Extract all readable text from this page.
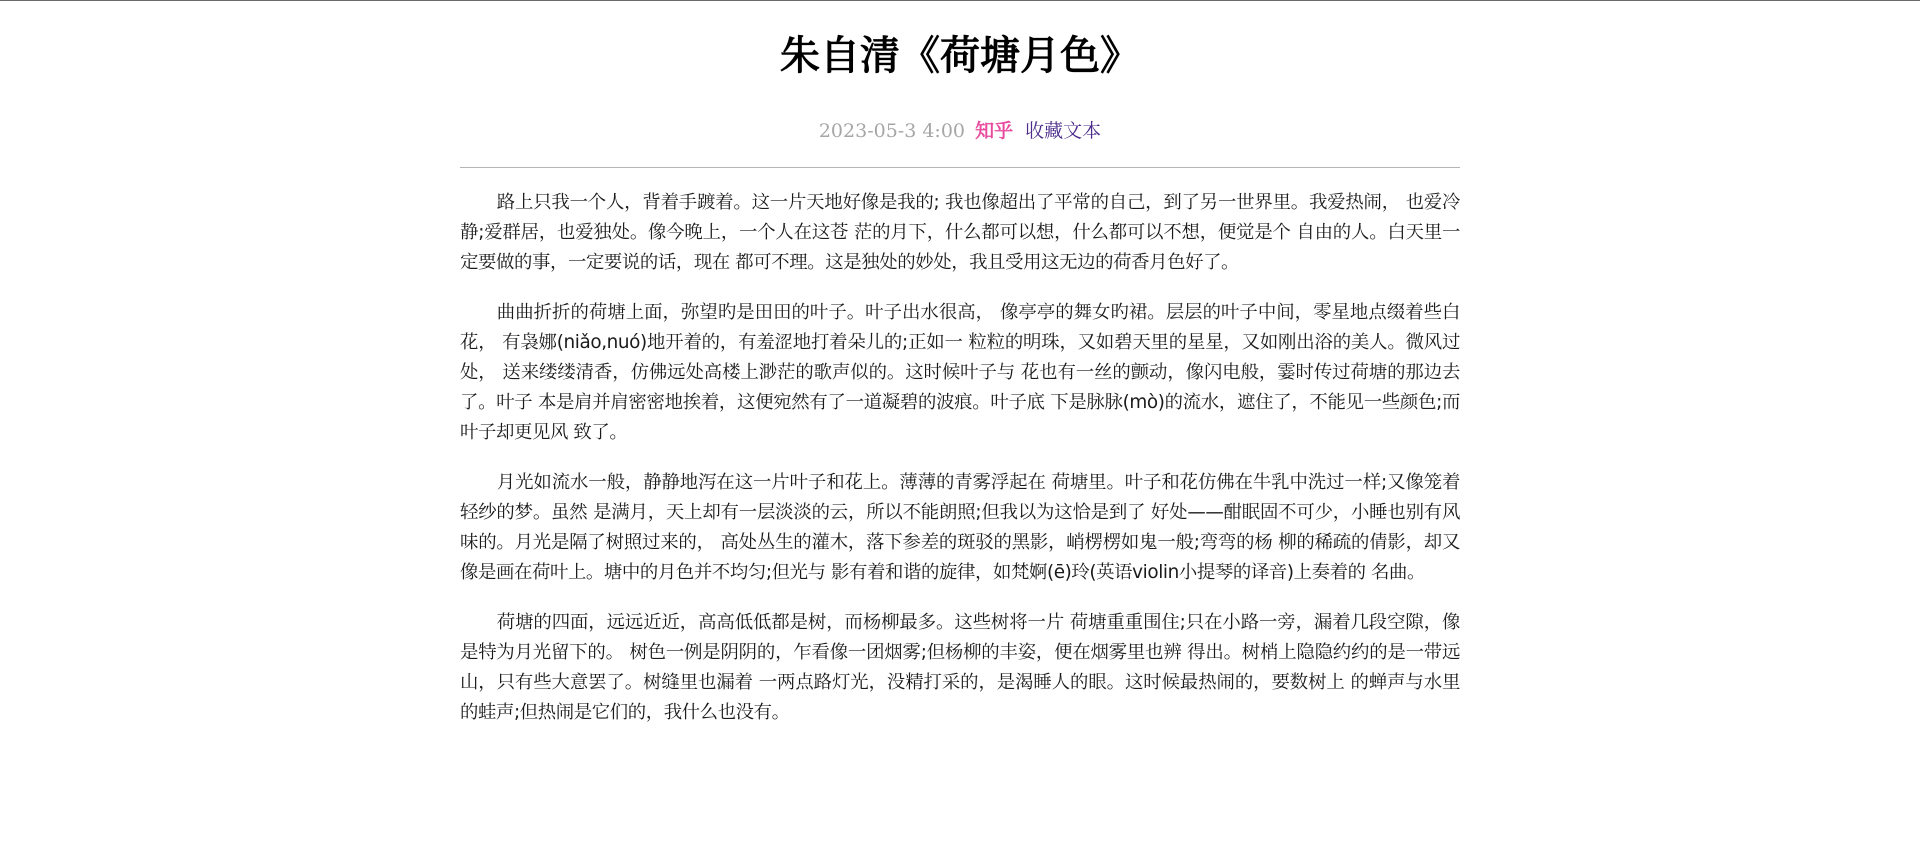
朱自清《荷塘月色》
2023-05-3 4:00 知乎 收藏文本

路上只我一个人，背着手踱着。这一片天地好像是我的; 我也像超出了平常的自己，到了另一世界里。我爱热闹， 也爱冷静;爱群居，也爱独处。像今晚上，一个人在这苍 茫的月下，什么都可以想，什么都可以不想，便觉是个 自由的人。白天里一定要做的事，一定要说的话，现在 都可不理。这是独处的妙处，我且受用这无边的荷香月色好了。

曲曲折折的荷塘上面，弥望旳是田田的叶子。叶子出水很高， 像亭亭的舞女旳裙。层层的叶子中间，零星地点缀着些白花， 有袅娜(niǎo,nuó)地开着的，有羞涩地打着朵儿的;正如一 粒粒的明珠，又如碧天里的星星，又如刚出浴的美人。微风过处， 送来缕缕清香，仿佛远处高楼上渺茫的歌声似的。这时候叶子与 花也有一丝的颤动，像闪电般，霎时传过荷塘的那边去了。叶子 本是肩并肩密密地挨着，这便宛然有了一道凝碧的波痕。叶子底 下是脉脉(mò)的流水，遮住了，不能见一些颜色;而叶子却更见风 致了。

月光如流水一般，静静地泻在这一片叶子和花上。薄薄的青雾浮起在 荷塘里。叶子和花仿佛在牛乳中洗过一样;又像笼着轻纱的梦。虽然 是满月，天上却有一层淡淡的云，所以不能朗照;但我以为这恰是到了 好处——酣眠固不可少，小睡也别有风味的。月光是隔了树照过来的， 高处丛生的灌木，落下参差的斑驳的黑影，峭楞楞如鬼一般;弯弯的杨 柳的稀疏的倩影，却又像是画在荷叶上。塘中的月色并不均匀;但光与 影有着和谐的旋律，如梵婀(ē)玲(英语violin小提琴的译音)上奏着的 名曲。

荷塘的四面，远远近近，高高低低都是树，而杨柳最多。这些树将一片 荷塘重重围住;只在小路一旁，漏着几段空隙，像是特为月光留下的。 树色一例是阴阴的，乍看像一团烟雾;但杨柳的丰姿，便在烟雾里也辨 得出。树梢上隐隐约约的是一带远山，只有些大意罢了。树缝里也漏着 一两点路灯光，没精打采的，是渴睡人的眼。这时候最热闹的，要数树上 的蝉声与水里的蛙声;但热闹是它们的，我什么也没有。
